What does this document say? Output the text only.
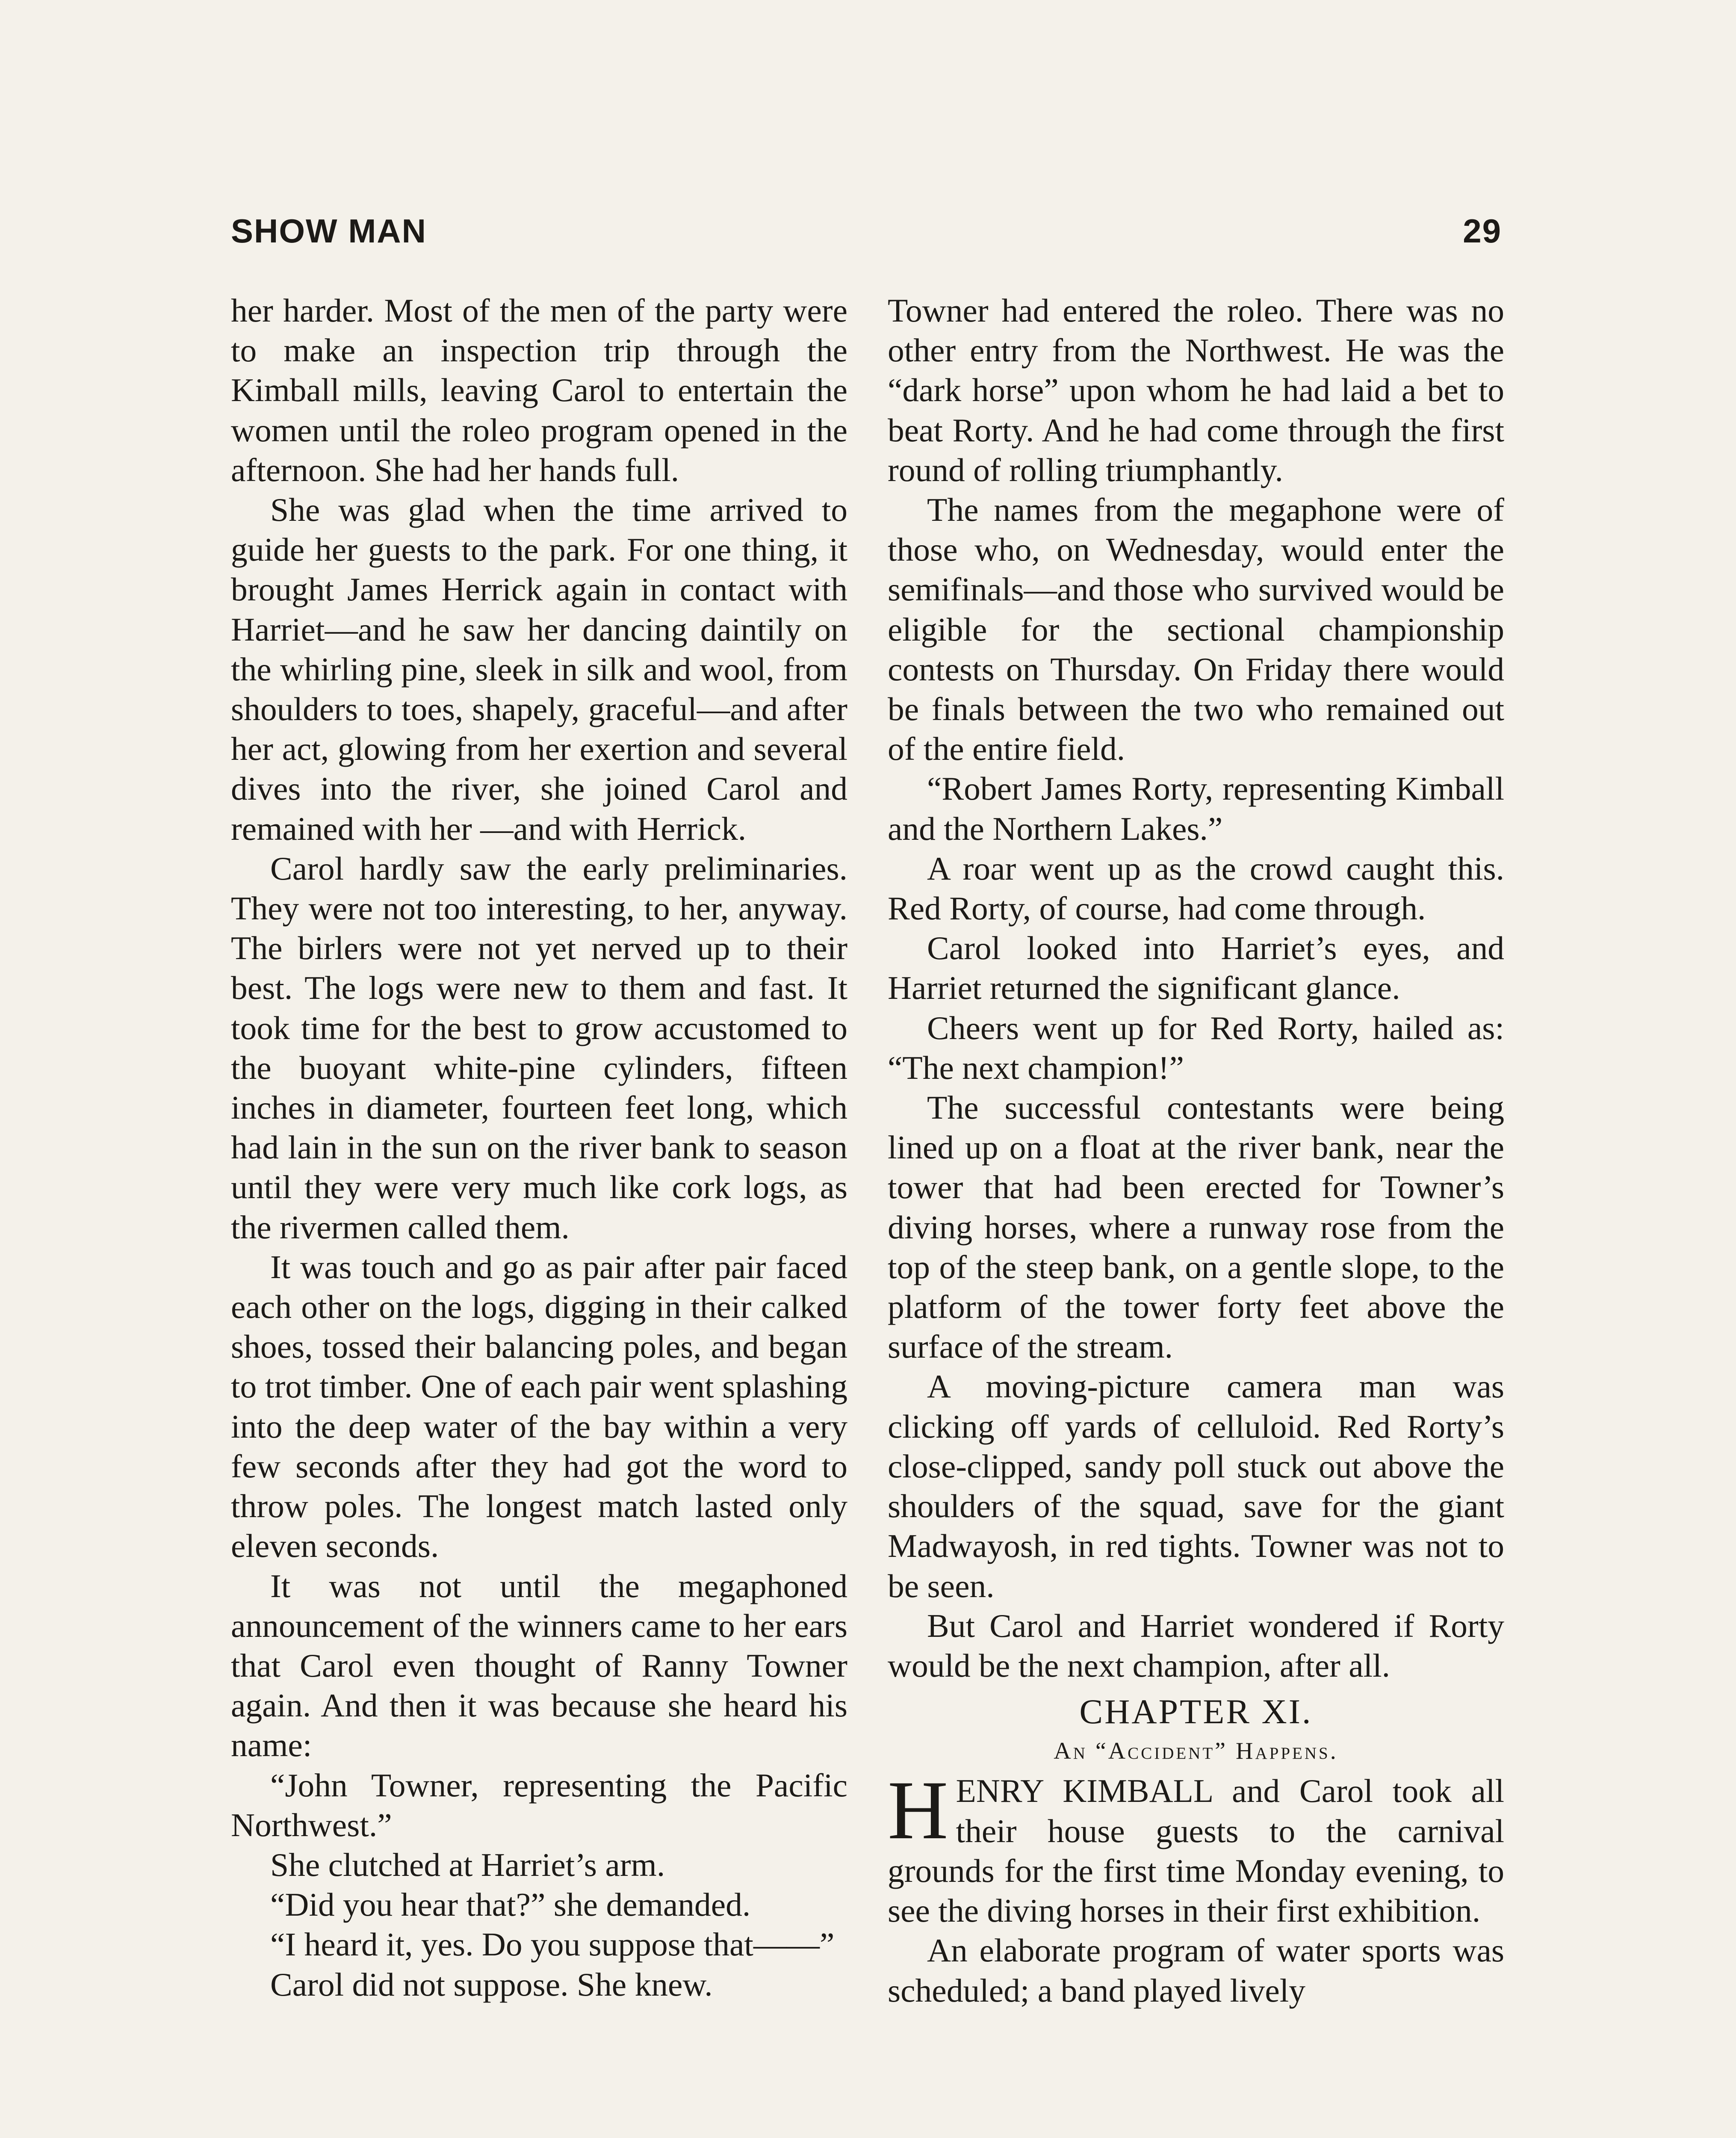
SHOW MAN	29

her harder. Most of the men of the party were to make an inspection trip through the Kimball mills, leaving Carol to entertain the women until the roleo program opened in the afternoon. She had her hands full.

She was glad when the time arrived to guide her guests to the park. For one thing, it brought James Herrick again in contact with Harriet—and he saw her dancing daintily on the whirling pine, sleek in silk and wool, from shoulders to toes, shapely, graceful—and after her act, glowing from her exertion and several dives into the river, she joined Carol and remained with her —and with Herrick.

Carol hardly saw the early preliminaries. They were not too interesting, to her, anyway. The birlers were not yet nerved up to their best. The logs were new to them and fast. It took time for the best to grow accustomed to the buoyant white-pine cylinders, fifteen inches in diameter, fourteen feet long, which had lain in the sun on the river bank to season until they were very much like cork logs, as the rivermen called them.

It was touch and go as pair after pair faced each other on the logs, digging in their calked shoes, tossed their balancing poles, and began to trot timber. One of each pair went splashing into the deep water of the bay within a very few seconds after they had got the word to throw poles. The longest match lasted only eleven seconds.

It was not until the megaphoned announcement of the winners came to her ears that Carol even thought of Ranny Towner again. And then it was because she heard his name:

“John Towner, representing the Pacific Northwest.”

She clutched at Harriet’s arm.

“Did you hear that?” she demanded.

“I heard it, yes. Do you suppose that——”

Carol did not suppose. She knew.

Towner had entered the roleo. There was no other entry from the Northwest. He was the “dark horse” upon whom he had laid a bet to beat Rorty. And he had come through the first round of rolling triumphantly.

The names from the megaphone were of those who, on Wednesday, would enter the semifinals—and those who survived would be eligible for the sectional championship contests on Thursday. On Friday there would be finals between the two who remained out of the entire field.

“Robert James Rorty, representing Kimball and the Northern Lakes.”

A roar went up as the crowd caught this. Red Rorty, of course, had come through.

Carol looked into Harriet’s eyes, and Harriet returned the significant glance.

Cheers went up for Red Rorty, hailed as: “The next champion!”

The successful contestants were being lined up on a float at the river bank, near the tower that had been erected for Towner’s diving horses, where a runway rose from the top of the steep bank, on a gentle slope, to the platform of the tower forty feet above the surface of the stream.

A moving-picture camera man was clicking off yards of celluloid. Red Rorty’s close-clipped, sandy poll stuck out above the shoulders of the squad, save for the giant Madwayosh, in red tights. Towner was not to be seen.

But Carol and Harriet wondered if Rorty would be the next champion, after all.

CHAPTER XI.
An “Accident” Happens.

HENRY KIMBALL and Carol took all their house guests to the carnival grounds for the first time Monday evening, to see the diving horses in their first exhibition.

An elaborate program of water sports was scheduled; a band played lively
